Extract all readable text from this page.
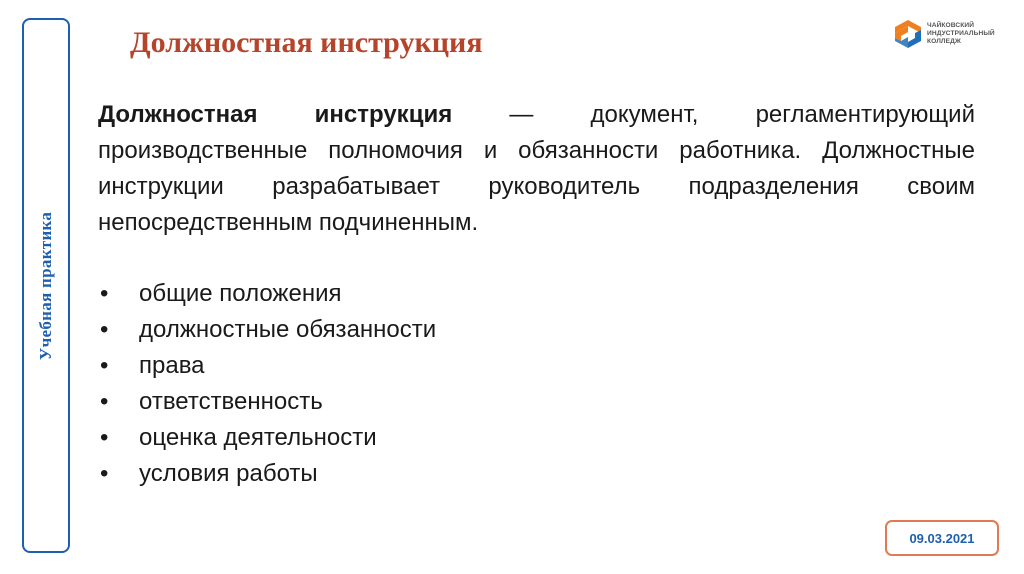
Учебная практика
Должностная инструкция
ЧАЙКОВСКИЙ
ИНДУСТРИАЛЬНЫЙ
КОЛЛЕДЖ

Должностная инструкция — документ, регламентирующий производственные полномочия и обязанности работника. Должностные инструкции разрабатывает руководитель подразделения своим непосредственным подчиненным.

• общие положения
• должностные обязанности
• права
• ответственность
• оценка деятельности
• условия работы
09.03.2021
